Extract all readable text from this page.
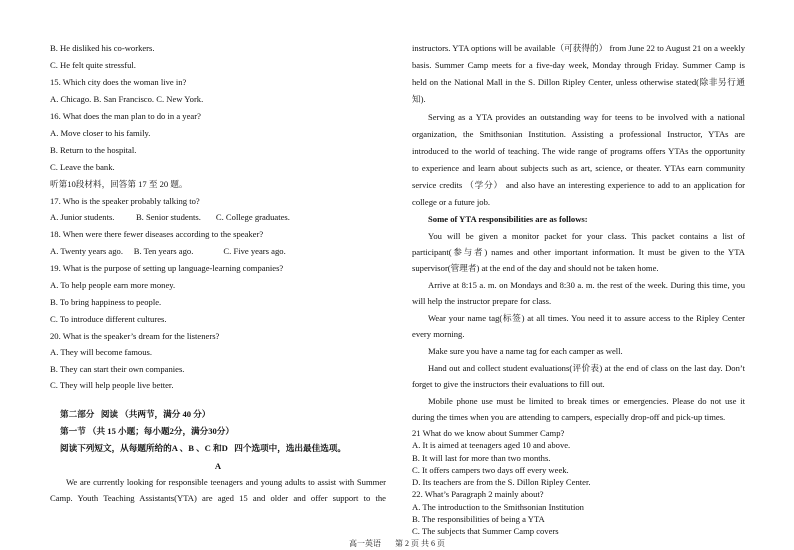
B. He disliked his co-workers.
C. He felt quite stressful.
15. Which city does the woman live in?
A. Chicago. B. San Francisco. C. New York.
16. What does the man plan to do in a year?
A. Move closer to his family.
B. Return to the hospital.
C. Leave the bank.
听第10段材料，回答第 17 至 20 题。
17. Who is the speaker probably talking to?
A. Junior students.          B. Senior students.       C. College graduates.
18. When were there fewer diseases according to the speaker?
A. Twenty years ago.     B. Ten years ago.              C. Five years ago.
19. What is the purpose of setting up language-learning companies?
A. To help people earn more money.
B. To bring happiness to people.
C. To introduce different cultures.
20. What is the speaker’s dream for the listeners?
A. They will become famous.
B. They can start their own companies.
C. They will help people live better.
第二部分   阅读 （共两节，满分 40 分）
第一节 （共 15 小题；每小题2分，满分30分）
阅读下列短文，从每题所给的A 、B 、C 和D   四个选项中，选出最佳选项。
A
We are currently looking for responsible teenagers and young adults to assist with Summer
Camp. Youth Teaching Assistants(YTA) are aged 15 and older and offer support to the
instructors. YTA options will be available（可获得的） from June 22 to August 21 on a weekly
basis. Summer Camp meets for a five-day week, Monday through Friday. Summer Camp is
held on the National Mall in the S. Dillon Ripley Center, unless otherwise stated(除非另行通
知).
Serving as a YTA provides an outstanding way for teens to be involved with a national
organization, the Smithsonian Institution. Assisting a professional Instructor, YTAs are
introduced to the world of teaching. The wide range of programs offers YTAs the opportunity
to experience and learn about subjects such as art, science, or theater. YTAs earn community
service credits （学分） and also have an interesting experience to add to an application for
college or a future job.
Some of YTA responsibilities are as follows:
You will be given a monitor packet for your class. This packet contains a list of
participant(参与者) names and other important information. It must be given to the YTA
supervisor(管理者) at the end of the day and should not be taken home.
Arrive at 8:15 a. m. on Mondays and 8:30 a. m. the rest of the week. During this time, you
will help the instructor prepare for class.
Wear your name tag(标签) at all times. You need it to assure access to the Ripley Center
every morning.
Make sure you have a name tag for each camper as well.
Hand out and collect student evaluations(评价表) at the end of class on the last day. Don’t
forget to give the instructors their evaluations to fill out.
Mobile phone use must be limited to break times or emergencies. Please do not use it
during the times when you are attending to campers, especially drop-off and pick-up times.
21 What do we know about Summer Camp?
A. It is aimed at teenagers aged 10 and above.
B. It will last for more than two months.
C. It offers campers two days off every week.
D. Its teachers are from the S. Dillon Ripley Center.
22. What’s Paragraph 2 mainly about?
A. The introduction to the Smithsonian Institution
B. The responsibilities of being a YTA
C. The subjects that Summer Camp covers
高一英语 第 2 页 共 6 页
